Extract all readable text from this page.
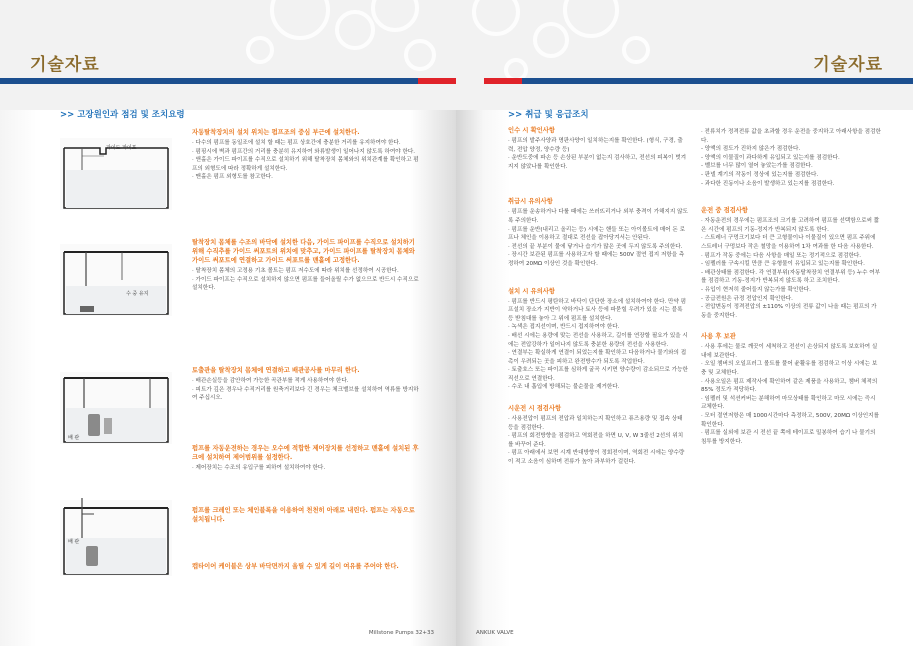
기술자료
>> 고장원인과 점검 및 조치요령
가이드 파이프
수 중 유지
배 관
배 관
자동탈착장치의 설치 위치는 펌프조의 중심 부근에 설치한다.

· 다수의 펌프를 동일조에 설치 할 때는 펌프 상호간에 충분한 거리를 유지하여야 한다.

· 펌핑시에 벽과 펌프간의 거리를 충분히 유지하여 와류발생이 일어나지 않도록 하여야 한다.

· 앤홀은 가이드 파이프를 수직으로 설치하기 위해 탈착장치 몸체와의 위치관계를 확인하고 펌프의 외형도에 따라 정확하게 설치한다.

· 맨홀은 펌프 외형도를 참고한다.

탈착장치 몸체를 수조의 바닥에 설치한 다음, 가이드 파이프를 수직으로 설치하기 위해 수직추를 가이드 써포트의 위치에 맞추고, 가이드 파이프를 탈착장치 몸체와 가이드 써포트에 연결하고 가이드 써포트를 맨홀에 고정한다.

· 탈착장치 몸체의 고정용 기초 볼트는 펌프 저수도에 따라 위치를 선정하여 시공한다.

· 가이드 파이프는 수직으로 설치하지 않으면 펌프를 들어올릴 수가 없으므로 반드시 수직으로 설치한다.

토출관을 탈착장치 몸체에 연결하고 배관공사를 마무리 한다.

· 배관손실등을 감안하여 가능한 곡관부를 적게 사용하여야 한다.

· 피트가 깊은 경우나 수직거리를 원축거리보다 긴 경우는 체크밸브를 설치하여 역류를 방지하여 주십시오.

펌프를 자동운전하는 경우는 오수에 적합한 제어장치를 선정하고 맨홀에 설치된 후크에 설치하여 제어범위를 설정한다.

· 제어장치는 수조의 유입구를 피하여 설치하여야 한다.

펌프를 크레인 또는 체인블록을 이용하여 천천히 아래로 내린다. 펌프는 자동으로 설치됩니다.
캡타이어 케이블은 상부 바닥면까지 올릴 수 있게 길이 여유를 주어야 한다.
Millstone Pumps 32+33
기술자료
>> 취급 및 응급조치
인수 시 확인사항

· 펌프의 발주사양과 명판사양이 일치하는지를 확인한다. (형식, 구경, 출력, 전압 양정, 양수량 등)

· 운반도중에 파손 등 손상된 부분이 없는지 검사하고, 전선의 피복이 벗겨지지 않았나를 확인한다.

취급시 유의사항

· 펌프를 운송하거나 다룰 때에는 쓰러뜨리거나 외부 충격이 가해지지 않도록 주의한다.

· 펌프를 운반(내리고 올리는 등) 시에는 핸들 또는 아이볼트에 매어 돈 로프나 체인을 이용하고 절대로 전선을 잡아당겨서는 안된다.

· 전선의 끝 부분이 물에 닿거나 습기가 많은 곳에 두지 않도록 주의한다.

· 장시간 보관된 펌프를 사용하고자 할 때에는 500V 절연 접지 저항을 측정하여 20MΩ 이상인 것을 확인한다.

설치 시 유의사항

· 펌프를 반드시 평탄하고 바닥이 단단한 장소에 설치하여야 한다. 만약 펌프설치 장소가 지반이 약하거나 토사 등에 파묻힐 우려가 있을 시는 블록 등 받침대를 놓아 그 위에 펌프를 설치한다.

· 녹색은 접지선이며, 반드시 접지하여야 한다.

· 배선 시에는 용량에 맞는 전선을 사용하고, 길이를 연장할 필요가 있을 시에는 전압강하가 일어나지 않도록 충분한 용량의 전선을 사용한다.

· 연결부는 확실하게 연결이 되었는지를 확인하고 다음하거나 물기와의 접촉이 우려되는 곳을 피하고 완전방수가 되도록 작업한다.

· 토출호스 또는 파이프를 심하게 굴곡 시키면 양수량이 감소되므로 가능한 직선으로 연결한다.

· 수조 내 흡입에 방해되는 불순물을 제거한다.

시운전 시 점검사항

· 사용전압이 펌프의 전압과 일치하는지 확인하고 퓨즈용량 및 접속 상태 등을 점검한다.

· 펌프의 회전방향을 점검하고 역회전을 하면 U, V, W 3줄선 2선의 위치를 바꾸어 준다.

· 펌프 아래에서 보면 시계 반대방향이 정회전이며, 역회전 시에는 양수량이 적고 소음이 심하며 전류가 높아 과부하가 걸린다.

· 전류치가 정격전류 값을 초과할 경우 운전을 중지하고 아래사항을 점검한다.

- 양액의 점도가 진하지 않은가 점검한다.

- 양액의 이물질이 과다하게 유입되고 있는지를 점검한다.

- 벨브를 너무 많이 열어 놓았는가를 점검한다.

- 판넬 계기의 작동이 정상에 있는지를 점검한다.

- 과다한 진동이나 소음이 발생하고 있는지를 점검한다.

운전 중 점검사항

· 자동운전의 경우에는 펌프조의 크기를 고려하여 펌프를 선택함으로써 짧은 시간에 펌프의 기동-정지가 반복되지 않도록 한다.

· 스트레너 구멍크기보다 더 큰 고형물이나 이물질이 있으면 펌프 주위에 스트레너 구멍보다 작은 철망을 이용하여 1차 여과를 한 다음 사용한다.

· 펌프가 작동 중에는 다음 사항을 매일 또는 정기적으로 점검한다.

- 임펠러를 구속시킬 만큼 큰 유형물이 유입되고 있는지를 확인한다.

- 배관상태를 점검한다. 각 연결부위(자동탈착장치 연결부위 등) 누수 여부를 점검하고 기동-정지가 반복되지 않도록 하고 조치한다.

- 유입이 현저히 줄어들지 않는가를 확인한다.

- 공급전원은 규정 전압인지 확인한다.

- 전압변동이 정격전압의 ±110% 이상의 전류 값이 나올 때는 펌프의 가동을 중지한다.

사용 후 보관

· 사용 후에는 물로 깨끗이 세척하고 전선이 손상되지 않도록 보호하여 실내에 보관한다.

· 오일 챔버의 오일프러그 볼트를 풀어 윤활유를 점검하고 이상 시에는 보충 및 교체한다.

· 사용오일은 펌프 제작사에 확인하여 같은 제품을 사용하고, 챔버 체적의 85% 정도가 적당하다.

· 임펠러 및 석션커버는 분해하여 마모상태를 확인하고 마모 시에는 즉시 교체한다.

· 모터 절연저항은 매 1000시간마다 측정하고, 500V, 20MΩ 이상인지를 확인한다.

· 펌프를 실외에 보관 시 전선 끝 쪽에 테이프로 밀봉하여 습기 나 물기의 침투를 방지한다.

ANKUK VALVE
